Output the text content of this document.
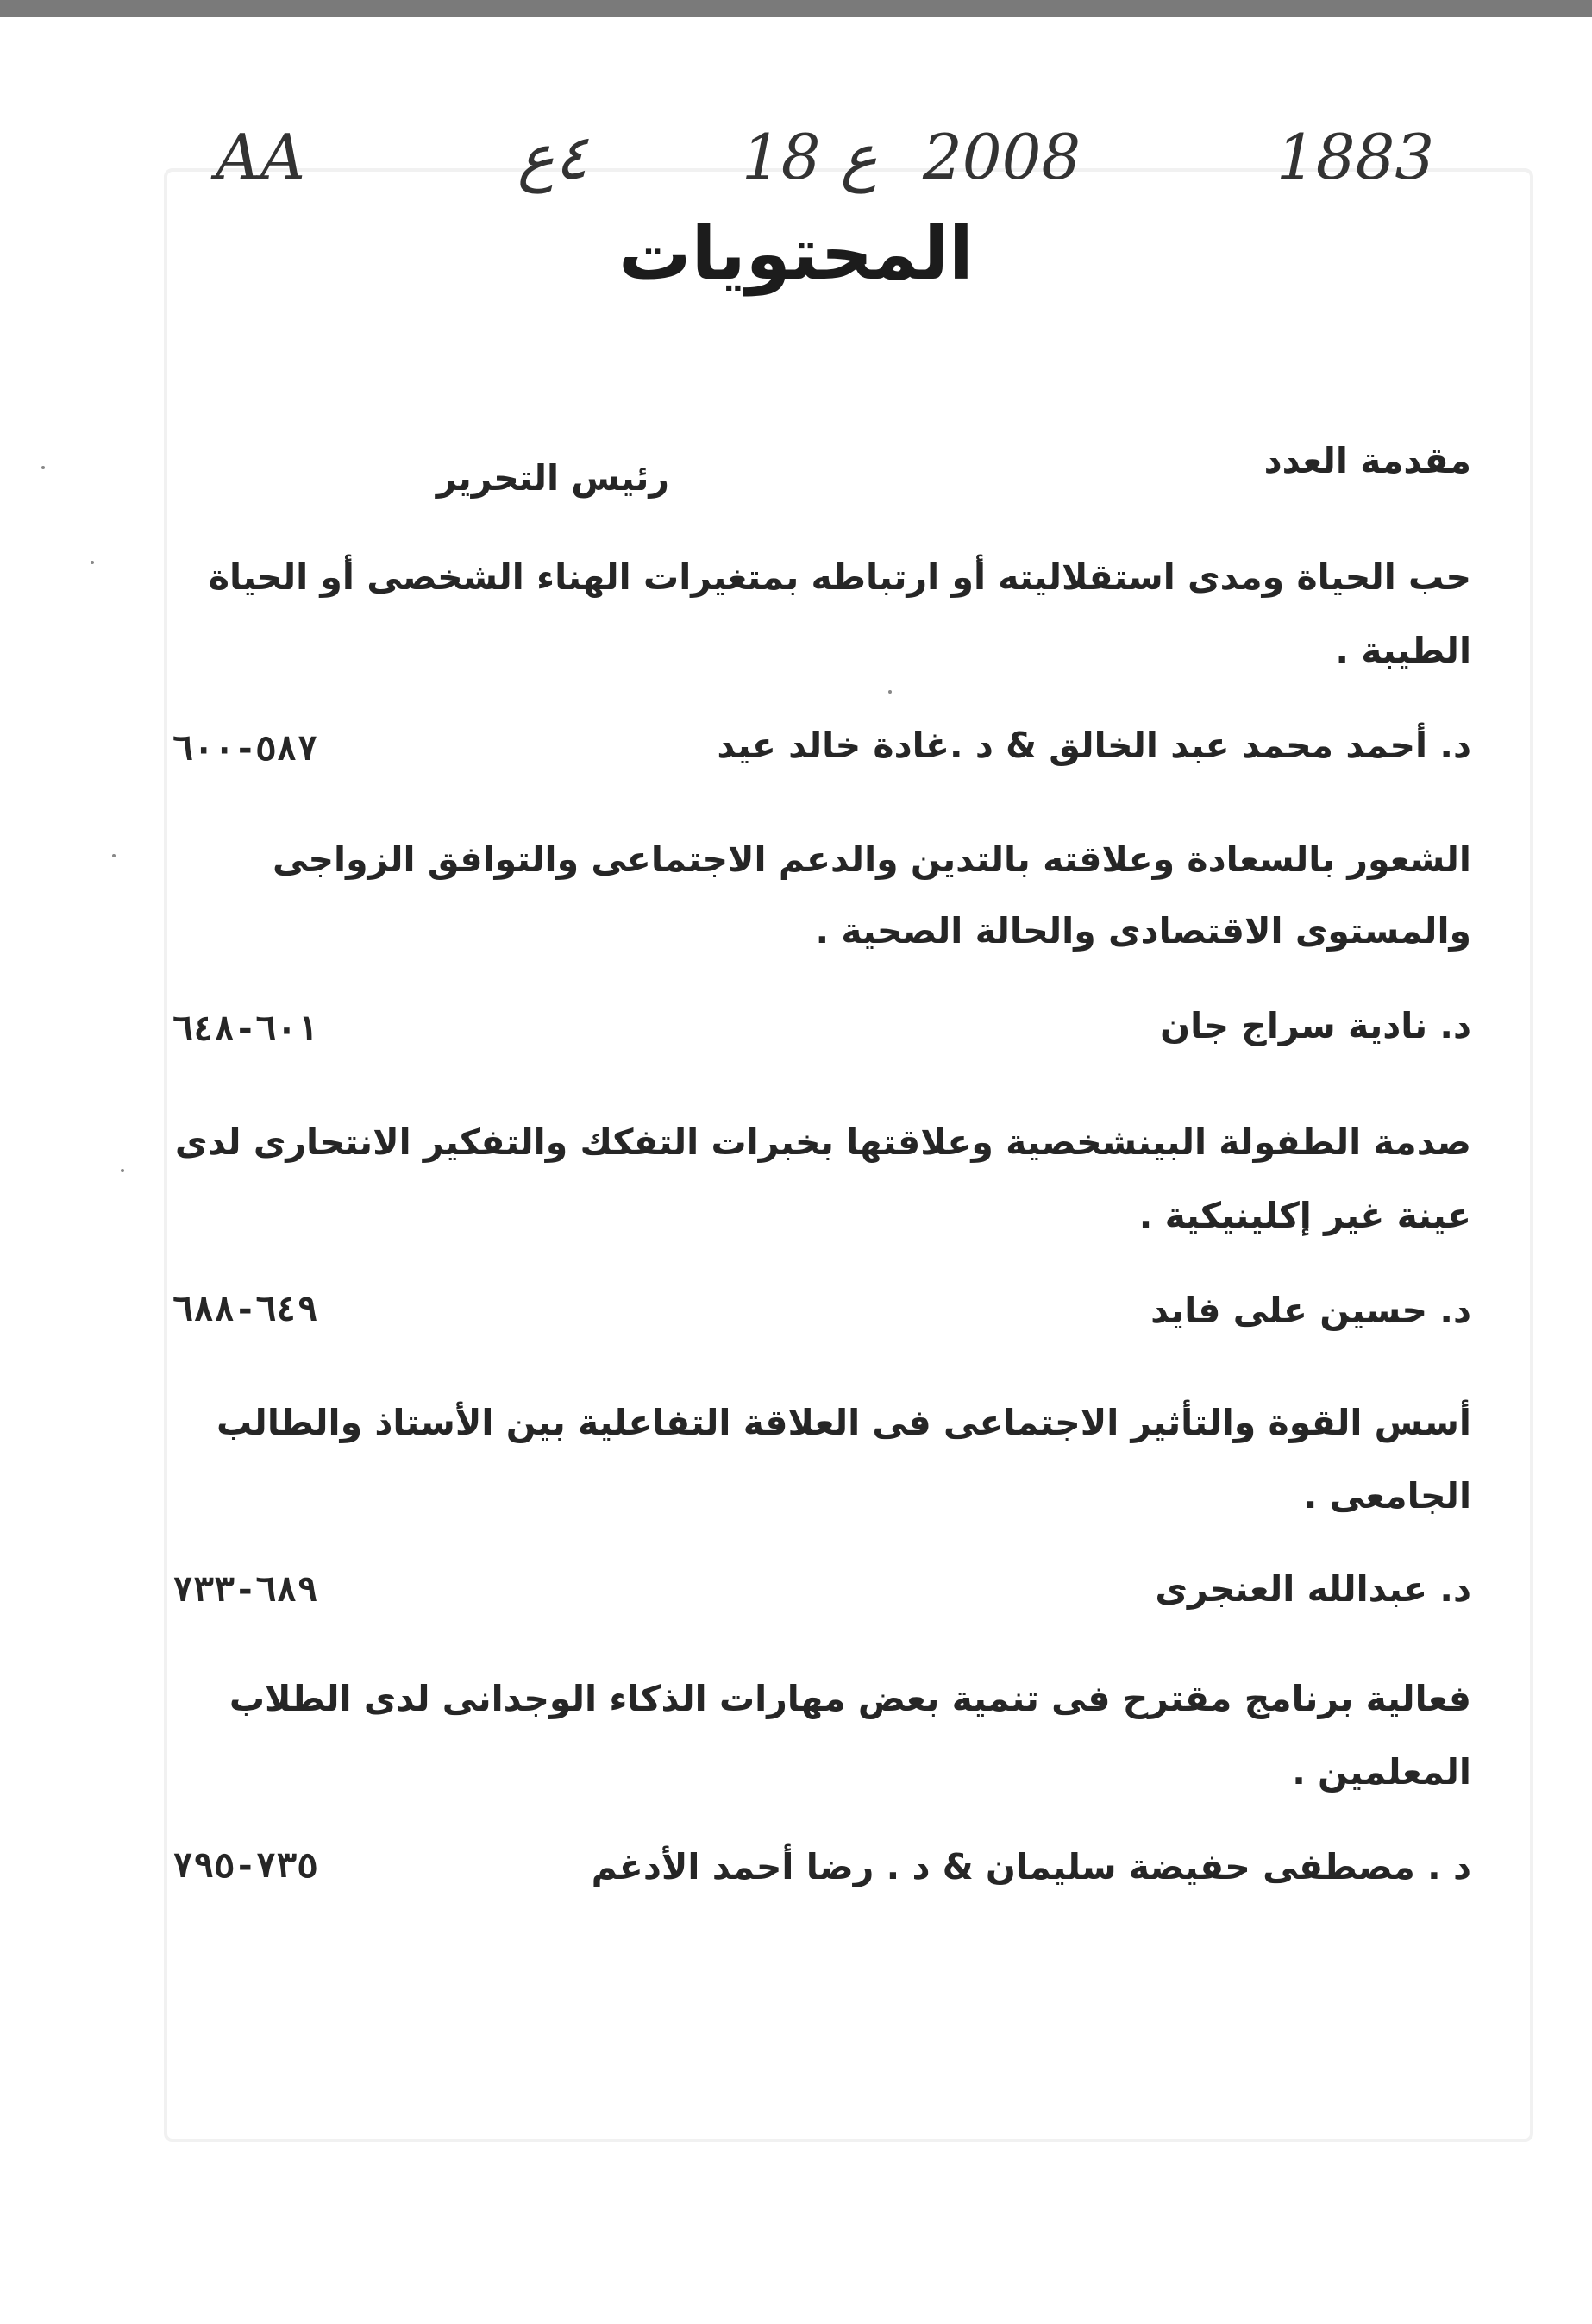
AA	٤ع 18 ع 2008	1883
المحتويات
مقدمة العدد
رئيس التحرير
حب الحياة ومدى استقلاليته أو ارتباطه بمتغيرات الهناء الشخصى أو الحياة
الطيبة .
د. أحمد محمد عبد الخالق & د .غادة خالد عيد
٥٨٧-٦٠٠
الشعور بالسعادة وعلاقته بالتدين والدعم الاجتماعى والتوافق الزواجى
والمستوى الاقتصادى والحالة الصحية .
د. نادية سراج جان
٦٠١-٦٤٨
صدمة الطفولة البينشخصية وعلاقتها بخبرات التفكك والتفكير الانتحارى لدى
عينة غير إكلينيكية .
د. حسين على فايد
٦٤٩-٦٨٨
أسس القوة والتأثير الاجتماعى فى العلاقة التفاعلية بين الأستاذ والطالب
الجامعى .
د. عبدالله العنجرى
٦٨٩-٧٣٣
فعالية برنامج مقترح فى تنمية بعض مهارات الذكاء الوجدانى لدى الطلاب
المعلمين .
د . مصطفى حفيضة سليمان & د . رضا أحمد الأدغم
٧٣٥-٧٩٥
